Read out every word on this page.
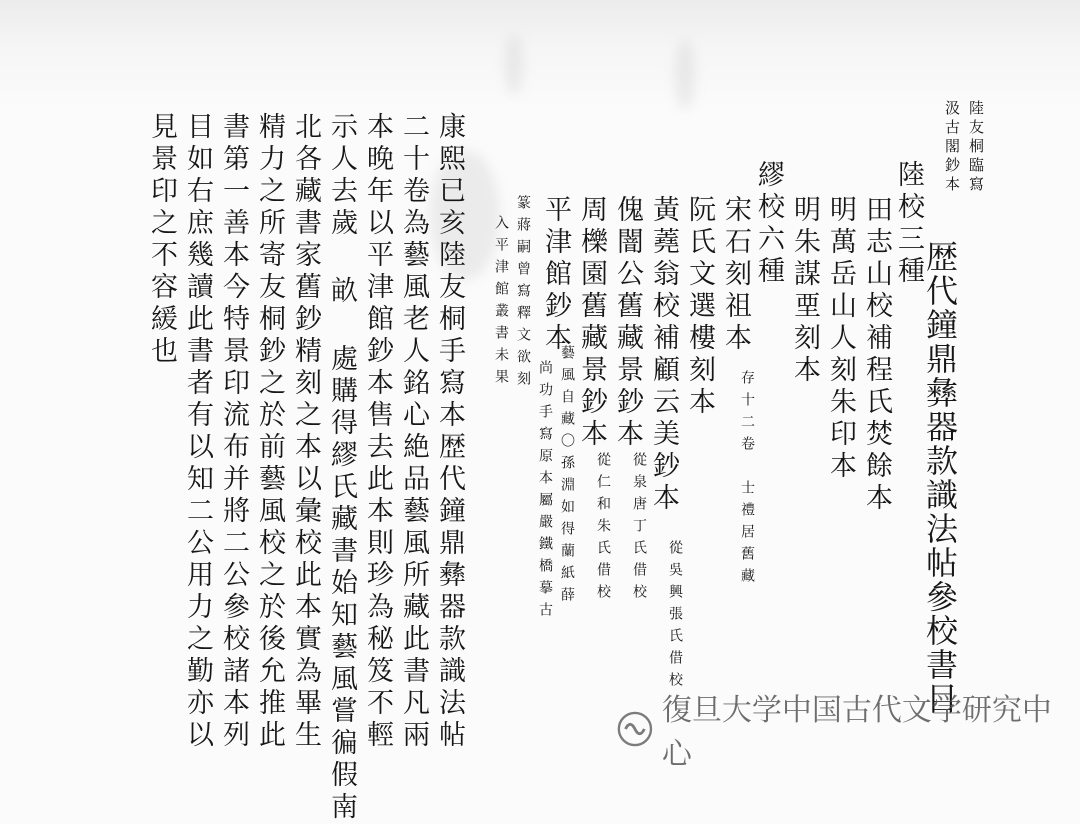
陸友桐臨寫
汲古閣鈔本
歴代鐘鼎彝器款識法帖參校書目
陸校三種
田志山校補程氏焚餘本
明萬岳山人刻朱印本
明朱謀垔刻本
繆校六種
宋石刻祖本
存十二卷　士禮居舊藏
阮氏文選樓刻本
黃蕘翁校補顧云美鈔本
從吳興張氏借校
傀闇公舊藏景鈔本
從泉唐丁氏借校
周櫟園舊藏景鈔本
從仁和朱氏借校
平津館鈔本
藝風自藏〇孫淵如得蘭紙薛
尚功手寫原本屬嚴鐵橋摹古
篆蔣嗣曾寫釋文欲刻
入平津館叢書未果
康熙已亥陸友桐手寫本歴代鐘鼎彝器款識法帖
二十卷為藝風老人銘心絶品藝風所藏此書凡兩
本晚年以平津館鈔本售去此本則珍為秘笈不輕
示人去歲 畝 處購得繆氏藏書始知藝風嘗徧假南
北各藏書家舊鈔精刻之本以彙校此本實為畢生
精力之所寄友桐鈔之於前藝風校之於後允推此
書第一善本今特景印流布并將二公參校諸本列
目如右庶幾讀此書者有以知二公用力之勤亦以
見景印之不容緩也
復旦大学中国古代文学研究中心
